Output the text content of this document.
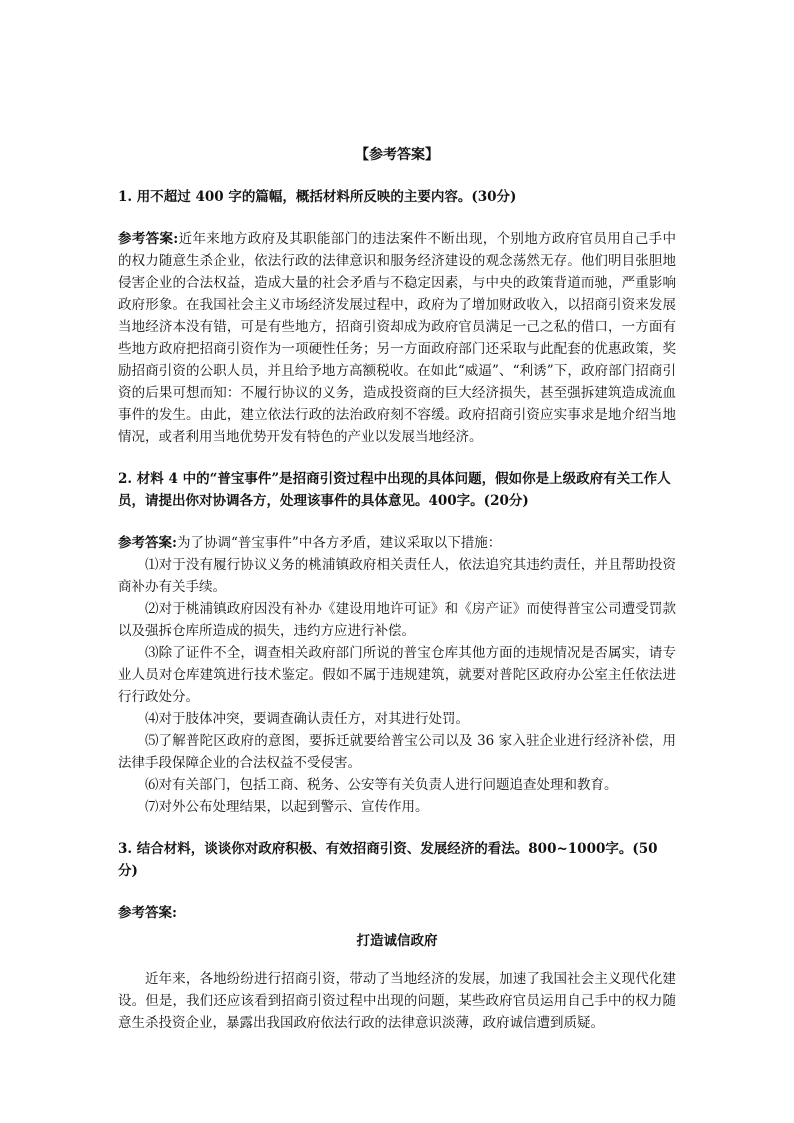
【参考答案】
1. 用不超过 400 字的篇幅，概括材料所反映的主要内容。(30分)
参考答案:近年来地方政府及其职能部门的违法案件不断出现，个别地方政府官员用自己手中的权力随意生杀企业，依法行政的法律意识和服务经济建设的观念荡然无存。他们明目张胆地 侵害企业的合法权益，造成大量的社会矛盾与不稳定因素，与中央的政策背道而驰，严重影响政府形象。在我国社会主义市场经济发展过程中，政府为了增加财政收入，以招商引资来发展当地经济本没有错，可是有些地方，招商引资却成为政府官员满足一己之私的借口，一方面有些地方政府把招商引资作为一项硬性任务；另一方面政府部门还采取与此配套的优惠政策，奖励招商引资的公职人员，并且给予地方高额税收。在如此“威逼”、“利诱”下，政府部门招商引资的后果可想而知：不履行协议的义务，造成投资商的巨大经济损失，甚至强拆建筑造成流血事件的发生。由此，建立依法行政的法治政府刻不容缓。政府招商引资应实事求是地介绍当地情况，或者利用当地优势开发有特色的产业以发展当地经济。
2. 材料 4 中的“普宝事件”是招商引资过程中出现的具体问题，假如你是上级政府有关工作人员，请提出你对协调各方，处理该事件的具体意见。400字。(20分)
参考答案:为了协调“普宝事件”中各方矛盾，建议采取以下措施：

⑴对于没有履行协议义务的桃浦镇政府相关责任人，依法追究其违约责任，并且帮助投资商补办有关手续。

⑵对于桃浦镇政府因没有补办《建设用地许可证》和《房产证》而使得普宝公司遭受罚款以及强拆仓库所造成的损失，违约方应进行补偿。

⑶除了证件不全，调查相关政府部门所说的普宝仓库其他方面的违规情况是否属实，请专业人员对仓库建筑进行技术鉴定。假如不属于违规建筑，就要对普陀区政府办公室主任依法进行行政处分。

⑷对于肢体冲突，要调查确认责任方，对其进行处罚。

⑸了解普陀区政府的意图，要拆迁就要给普宝公司以及 36 家入驻企业进行经济补偿，用法律手段保障企业的合法权益不受侵害。

⑹对有关部门，包括工商、税务、公安等有关负责人进行问题追查处理和教育。

⑺对外公布处理结果，以起到警示、宣传作用。

3. 结合材料，谈谈你对政府积极、有效招商引资、发展经济的看法。800~1000字。(50分)
参考答案:
打造诚信政府

近年来，各地纷纷进行招商引资，带动了当地经济的发展，加速了我国社会主义现代化建设。但是，我们还应该看到招商引资过程中出现的问题，某些政府官员运用自己手中的权力随意生杀投资企业，暴露出我国政府依法行政的法律意识淡薄，政府诚信遭到质疑。
